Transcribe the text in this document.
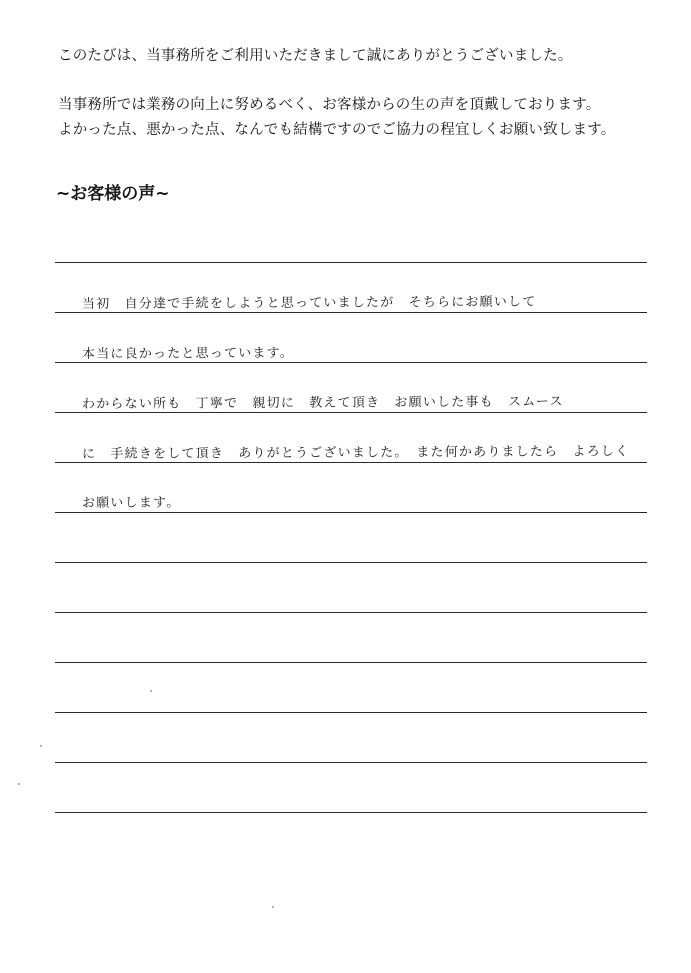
このたびは、当事務所をご利用いただきまして誠にありがとうございました。
当事務所では業務の向上に努めるべく、お客様からの生の声を頂戴しております。
よかった点、悪かった点、なんでも結構ですのでご協力の程宜しくお願い致します。
~お客様の声~
当初　自分達で手続をしようと思っていましたが　そちらにお願いして
本当に良かったと思っています。
わからない所も　丁寧で　親切に　教えて頂き　お願いした事も　スムース
に　手続きをして頂き　ありがとうございました。　また何かありましたら　よろしく
お願いします。
